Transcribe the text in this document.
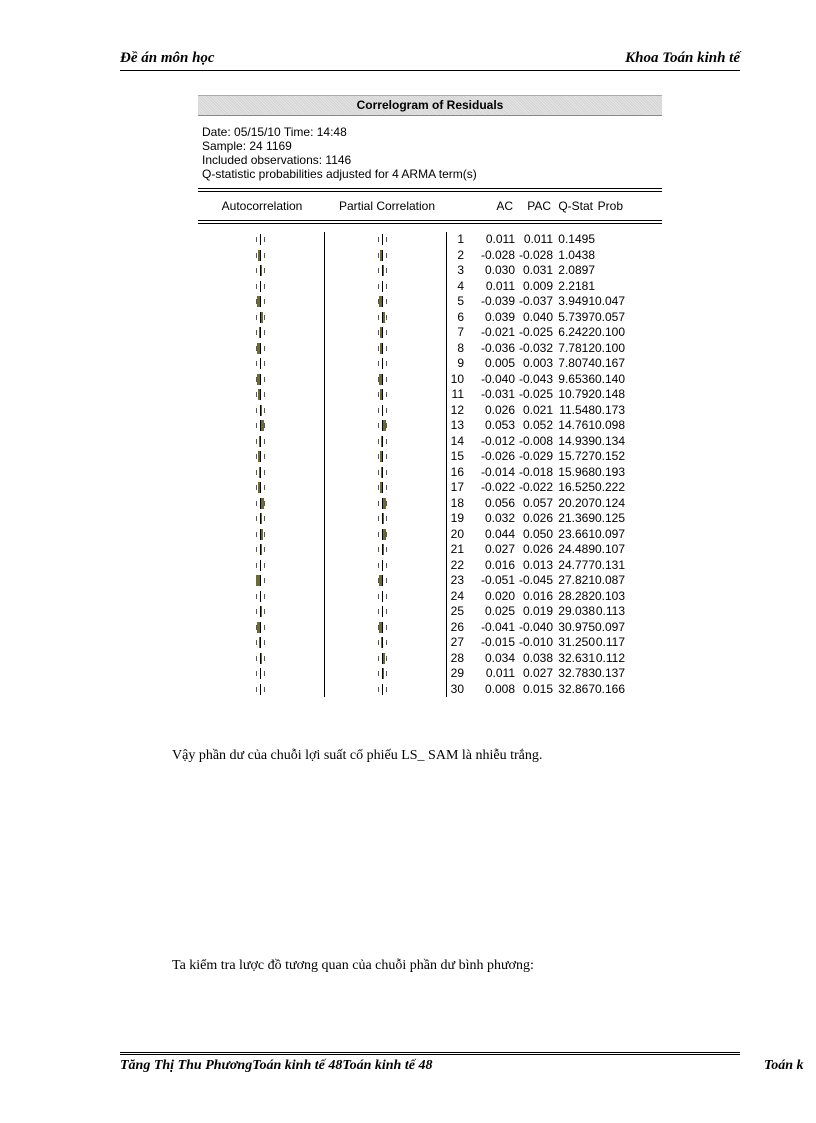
Đề án môn học	Khoa Toán kinh tế
Correlogram of Residuals
Date: 05/15/10 Time: 14:48
Sample: 24 1169
Included observations: 1146
Q-statistic probabilities adjusted for 4 ARMA term(s)
Autocorrelation	Partial Correlation	AC	PAC Q-Stat Prob
1	0.011 0.011 0.1495
2	-0.028 -0.028 1.0438
3	0.030 0.031 2.0897
4	0.011 0.009 2.2181
5	-0.039 -0.037 3.9491 0.047
6	0.039 0.040 5.7397 0.057
7	-0.021 -0.025 6.2422 0.100
8	-0.036 -0.032 7.7812 0.100
9	0.005 0.003 7.8074 0.167
10	-0.040 -0.043 9.6536 0.140
11	-0.031 -0.025 10.792 0.148
12	0.026 0.021 11.548 0.173
13	0.053 0.052 14.761 0.098
14	-0.012 -0.008 14.939 0.134
15	-0.026 -0.029 15.727 0.152
16	-0.014 -0.018 15.968 0.193
17	-0.022 -0.022 16.525 0.222
18	0.056 0.057 20.207 0.124
19	0.032 0.026 21.369 0.125
20	0.044 0.050 23.661 0.097
21	0.027 0.026 24.489 0.107
22	0.016 0.013 24.777 0.131
23	-0.051 -0.045 27.821 0.087
24	0.020 0.016 28.282 0.103
25	0.025 0.019 29.038 0.113
26	-0.041 -0.040 30.975 0.097
27	-0.015 -0.010 31.250 0.117
28	0.034 0.038 32.631 0.112
29	0.011 0.027 32.783 0.137
30	0.008 0.015 32.867 0.166
Vậy phần dư của chuỗi lợi suất cổ phiếu LS_ SAM là nhiễu trắng.
Ta kiểm tra lược đồ tương quan của chuỗi phần dư bình phương:
Tăng Thị Thu PhươngToán kinh tế 48Toán kinh tế 48	Toán k
